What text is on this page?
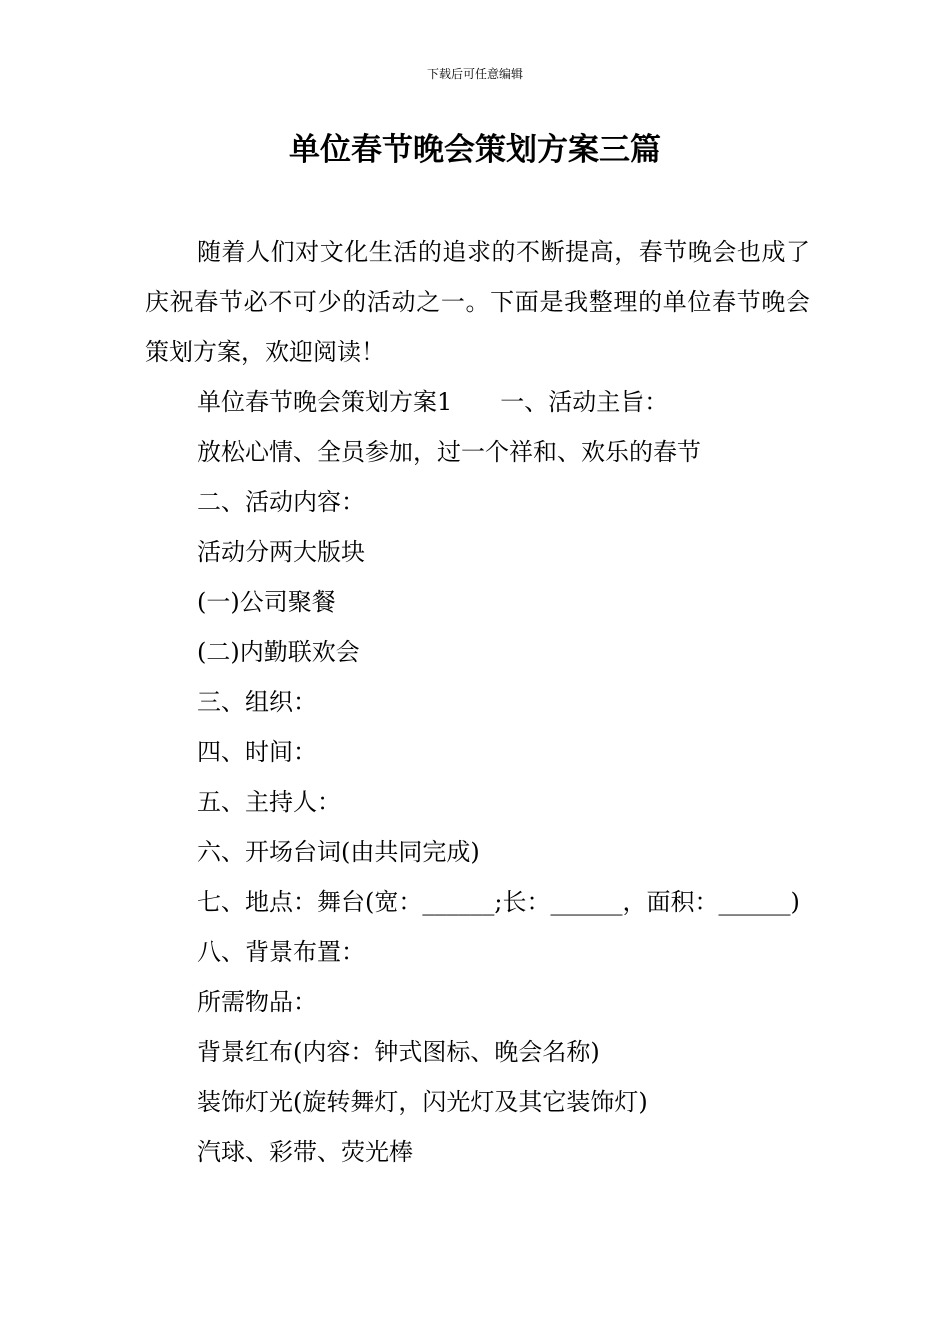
下载后可任意编辑
单位春节晚会策划方案三篇

随着人们对文化生活的追求的不断提高，春节晚会也成了庆祝春节必不可少的活动之一。下面是我整理的单位春节晚会策划方案，欢迎阅读！

单位春节晚会策划方案1　　一、活动主旨：

放松心情、全员参加，过一个祥和、欢乐的春节

二、活动内容：

活动分两大版块

(一)公司聚餐

(二)内勤联欢会

三、组织：

四、时间：

五、主持人：

六、开场台词(由共同完成)

七、地点：舞台(宽：______;长：______，面积：______)

八、背景布置：

所需物品：

背景红布(内容：钟式图标、晚会名称)

装饰灯光(旋转舞灯，闪光灯及其它装饰灯)

汽球、彩带、荧光棒
